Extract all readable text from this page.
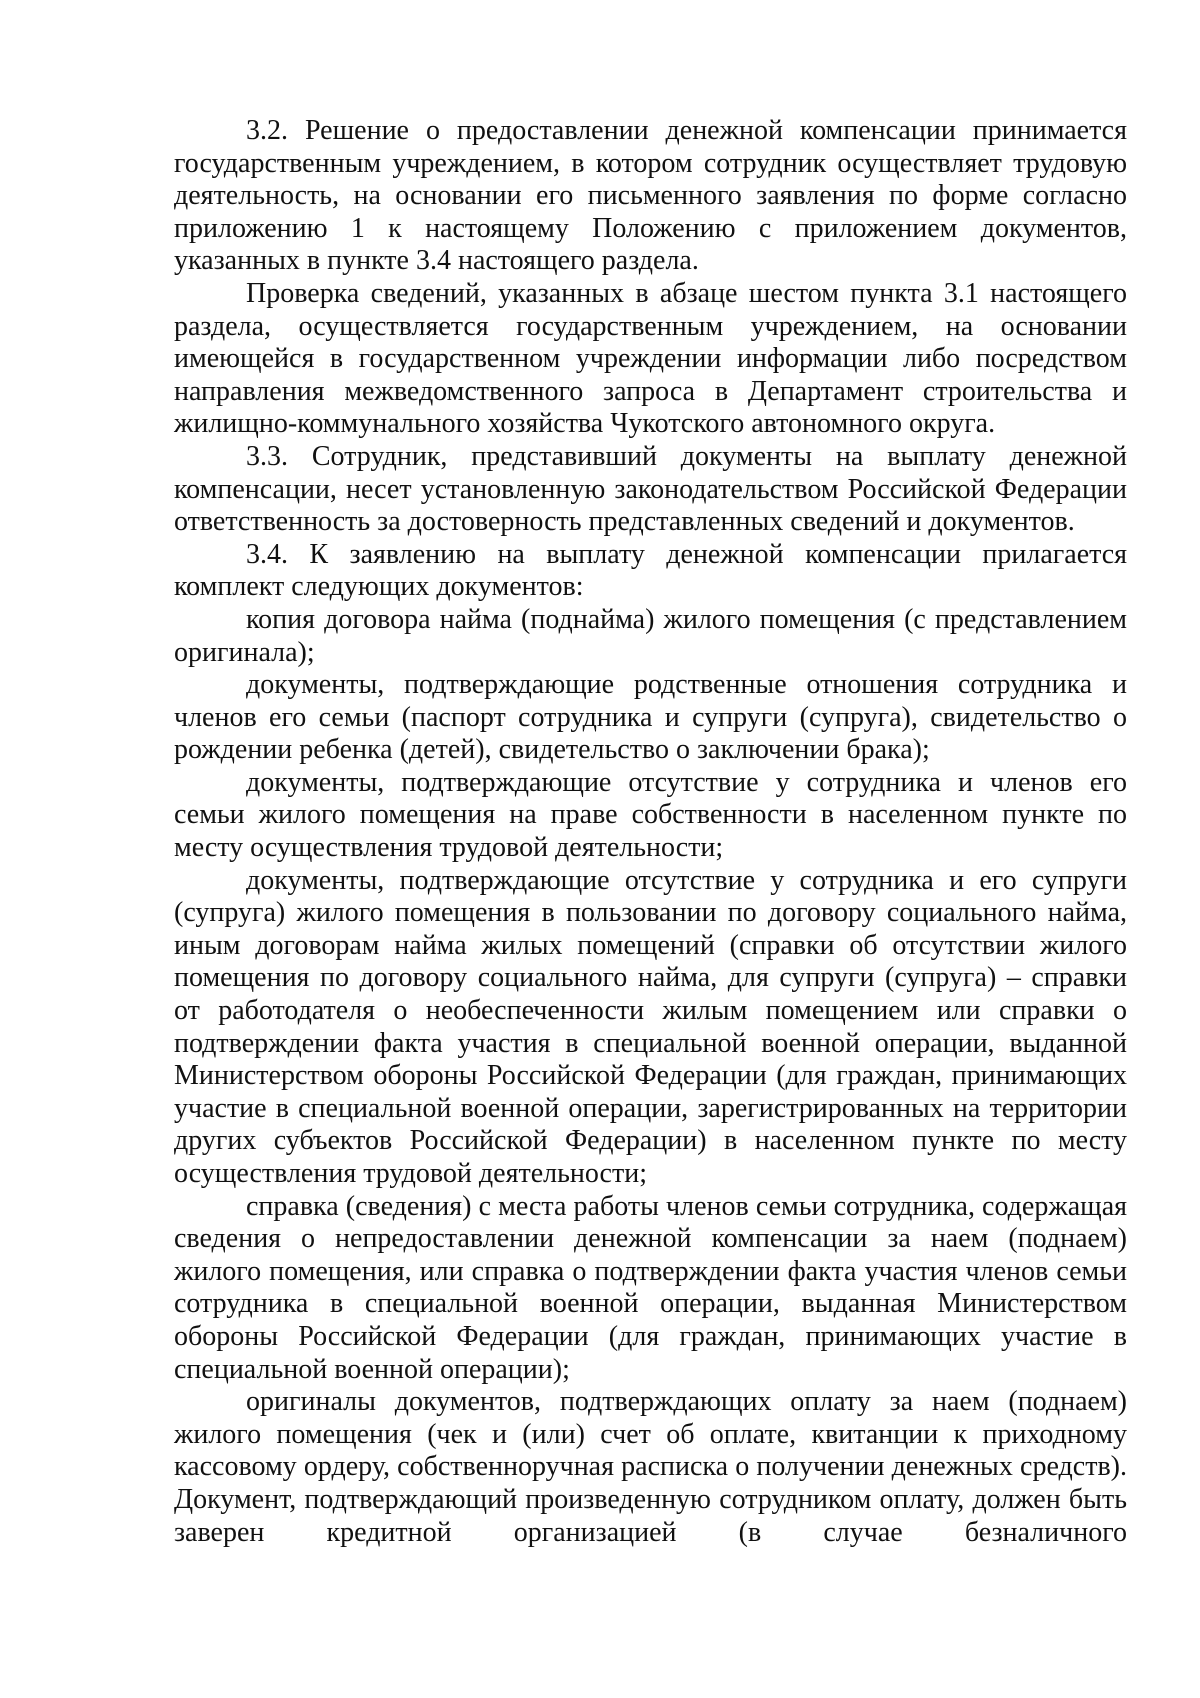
3.2. Решение о предоставлении денежной компенсации принимается государственным учреждением, в котором сотрудник осуществляет трудовую деятельность, на основании его письменного заявления по форме согласно приложению 1 к настоящему Положению с приложением документов, указанных в пункте 3.4 настоящего раздела.

Проверка сведений, указанных в абзаце шестом пункта 3.1 настоящего раздела, осуществляется государственным учреждением, на основании имеющейся в государственном учреждении информации либо посредством направления межведомственного запроса в Департамент строительства и жилищно-коммунального хозяйства Чукотского автономного округа.

3.3. Сотрудник, представивший документы на выплату денежной компенсации, несет установленную законодательством Российской Федерации ответственность за достоверность представленных сведений и документов.

3.4. К заявлению на выплату денежной компенсации прилагается комплект следующих документов:

копия договора найма (поднайма) жилого помещения (с представлением оригинала);

документы, подтверждающие родственные отношения сотрудника и членов его семьи (паспорт сотрудника и супруги (супруга), свидетельство о рождении ребенка (детей), свидетельство о заключении брака);

документы, подтверждающие отсутствие у сотрудника и членов его семьи жилого помещения на праве собственности в населенном пункте по месту осуществления трудовой деятельности;

документы, подтверждающие отсутствие у сотрудника и его супруги (супруга) жилого помещения в пользовании по договору социального найма, иным договорам найма жилых помещений (справки об отсутствии жилого помещения по договору социального найма, для супруги (супруга) – справки от работодателя о необеспеченности жилым помещением или справки о подтверждении факта участия в специальной военной операции, выданной Министерством обороны Российской Федерации (для граждан, принимающих участие в специальной военной операции, зарегистрированных на территории других субъектов Российской Федерации) в населенном пункте по месту осуществления трудовой деятельности;

справка (сведения) с места работы членов семьи сотрудника, содержащая сведения о непредоставлении денежной компенсации за наем (поднаем) жилого помещения, или справка о подтверждении факта участия членов семьи сотрудника в специальной военной операции, выданная Министерством обороны Российской Федерации (для граждан, принимающих участие в специальной военной операции);

оригиналы документов, подтверждающих оплату за наем (поднаем) жилого помещения (чек и (или) счет об оплате, квитанции к приходному кассовому ордеру, собственноручная расписка о получении денежных средств). Документ, подтверждающий произведенную сотрудником оплату, должен быть заверен кредитной организацией (в случае безналичного
